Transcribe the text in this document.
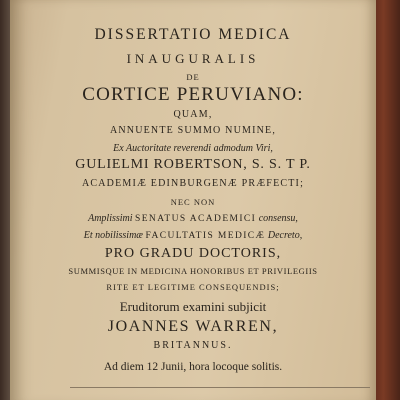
DISSERTATIO MEDICA
INAUGURALIS
DE
CORTICE PERUVIANO:
QUAM,
ANNUENTE SUMMO NUMINE,
Ex Auctoritate reverendi admodum Viri,
GULIELMI ROBERTSON, S. S. T P.
ACADEMIÆ EDINBURGENÆ PRÆFECTI;
NEC NON
Amplissimi SENATUS ACADEMICI consensu,
Et nobilissimæ FACULTATIS MEDICÆ Decreto,
PRO GRADU DOCTORIS,
SUMMISQUE IN MEDICINA HONORIBUS ET PRIVILEGIIS
RITE ET LEGITIME CONSEQUENDIS;
Eruditorum examini subjicit
JOANNES WARREN,
BRITANNUS.
Ad diem 12 Junii, hora locoque solitis.
